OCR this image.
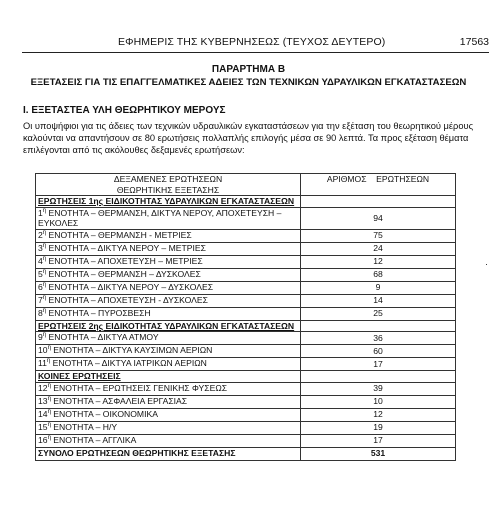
ΕΦΗΜΕΡΙΣ ΤΗΣ ΚΥΒΕΡΝΗΣΕΩΣ (ΤΕΥΧΟΣ ΔΕΥΤΕΡΟ)	17563
ΠΑΡΑΡΤΗΜΑ Β
ΕΞΕΤΑΣΕΙΣ ΓΙΑ ΤΙΣ ΕΠΑΓΓΕΛΜΑΤΙΚΕΣ ΑΔΕΙΕΣ ΤΩΝ ΤΕΧΝΙΚΩΝ ΥΔΡΑΥΛΙΚΩΝ ΕΓΚΑΤΑΣΤΑΣΕΩΝ
I. ΕΞΕΤΑΣΤΕΑ ΥΛΗ ΘΕΩΡΗΤΙΚΟΥ ΜΕΡΟΥΣ
Οι υποψήφιοι για τις άδειες των τεχνικών υδραυλικών εγκαταστάσεων για την εξέταση του θεωρητικού μέρους καλούνται να απαντήσουν σε 80 ερωτήσεις πολλαπλής επιλογής μέσα σε 90 λεπτά. Τα προς εξέταση θέματα επιλέγονται από τις ακόλουθες δεξαμενές ερωτήσεων:
·
ΔΕΞΑΜΕΝΕΣ ΕΡΩΤΗΣΕΩΝ
ΘΕΩΡΗΤΙΚΗΣ ΕΞΕΤΑΣΗΣ	ΑΡΙΘΜΟΣ    ΕΡΩΤΗΣΕΩΝ
ΕΡΩΤΗΣΕΙΣ 1ης ΕΙΔΙΚΟΤΗΤΑΣ ΥΔΡΑΥΛΙΚΩΝ ΕΓΚΑΤΑΣΤΑΣΕΩΝ	
$1^\eta$ ΕΝΟΤΗΤΑ – ΘΕΡΜΑΝΣΗ, ΔΙΚΤΥΑ ΝΕΡΟΥ, ΑΠΟΧΕΤΕΥΣΗ – ΕΥΚΟΛΕΣ	94
$2^\eta$ ΕΝΟΤΗΤΑ – ΘΕΡΜΑΝΣΗ - ΜΕΤΡΙΕΣ	75
$3^\eta$ ΕΝΟΤΗΤΑ – ΔΙΚΤΥΑ ΝΕΡΟΥ – ΜΕΤΡΙΕΣ	24
$4^\eta$ ΕΝΟΤΗΤΑ – ΑΠΟΧΕΤΕΥΣΗ – ΜΕΤΡΙΕΣ	12
$5^\eta$ ΕΝΟΤΗΤΑ – ΘΕΡΜΑΝΣΗ – ΔΥΣΚΟΛΕΣ	68
$6^\eta$ ΕΝΟΤΗΤΑ – ΔΙΚΤΥΑ ΝΕΡΟΥ – ΔΥΣΚΟΛΕΣ	9
$7^\eta$ ΕΝΟΤΗΤΑ – ΑΠΟΧΕΤΕΥΣΗ - ΔΥΣΚΟΛΕΣ	14
$8^\eta$ ΕΝΟΤΗΤΑ – ΠΥΡΟΣΒΕΣΗ	25
ΕΡΩΤΗΣΕΙΣ 2ης ΕΙΔΙΚΟΤΗΤΑΣ ΥΔΡΑΥΛΙΚΩΝ ΕΓΚΑΤΑΣΤΑΣΕΩΝ	
$9^\eta$ ΕΝΟΤΗΤΑ – ΔΙΚΤΥΑ ΑΤΜΟΥ	36
$10^\eta$ ΕΝΟΤΗΤΑ – ΔΙΚΤΥΑ ΚΑΥΣΙΜΩΝ ΑΕΡΙΩΝ	60
$11^\eta$ ΕΝΟΤΗΤΑ – ΔΙΚΤΥΑ ΙΑΤΡΙΚΩΝ ΑΕΡΙΩΝ	17
ΚΟΙΝΕΣ ΕΡΩΤΗΣΕΙΣ	
$12^\eta$ ΕΝΟΤΗΤΑ – ΕΡΩΤΗΣΕΙΣ ΓΕΝΙΚΗΣ ΦΥΣΕΩΣ	39
$13^\eta$ ΕΝΟΤΗΤΑ – ΑΣΦΑΛΕΙΑ ΕΡΓΑΣΙΑΣ	10
$14^\eta$ ΕΝΟΤΗΤΑ – ΟΙΚΟΝΟΜΙΚΑ	12
$15^\eta$ ΕΝΟΤΗΤΑ – Η/Υ	19
$16^\eta$ ΕΝΟΤΗΤΑ – ΑΓΓΛΙΚΑ	17
ΣΥΝΟΛΟ ΕΡΩΤΗΣΕΩΝ ΘΕΩΡΗΤΙΚΗΣ ΕΞΕΤΑΣΗΣ	531
